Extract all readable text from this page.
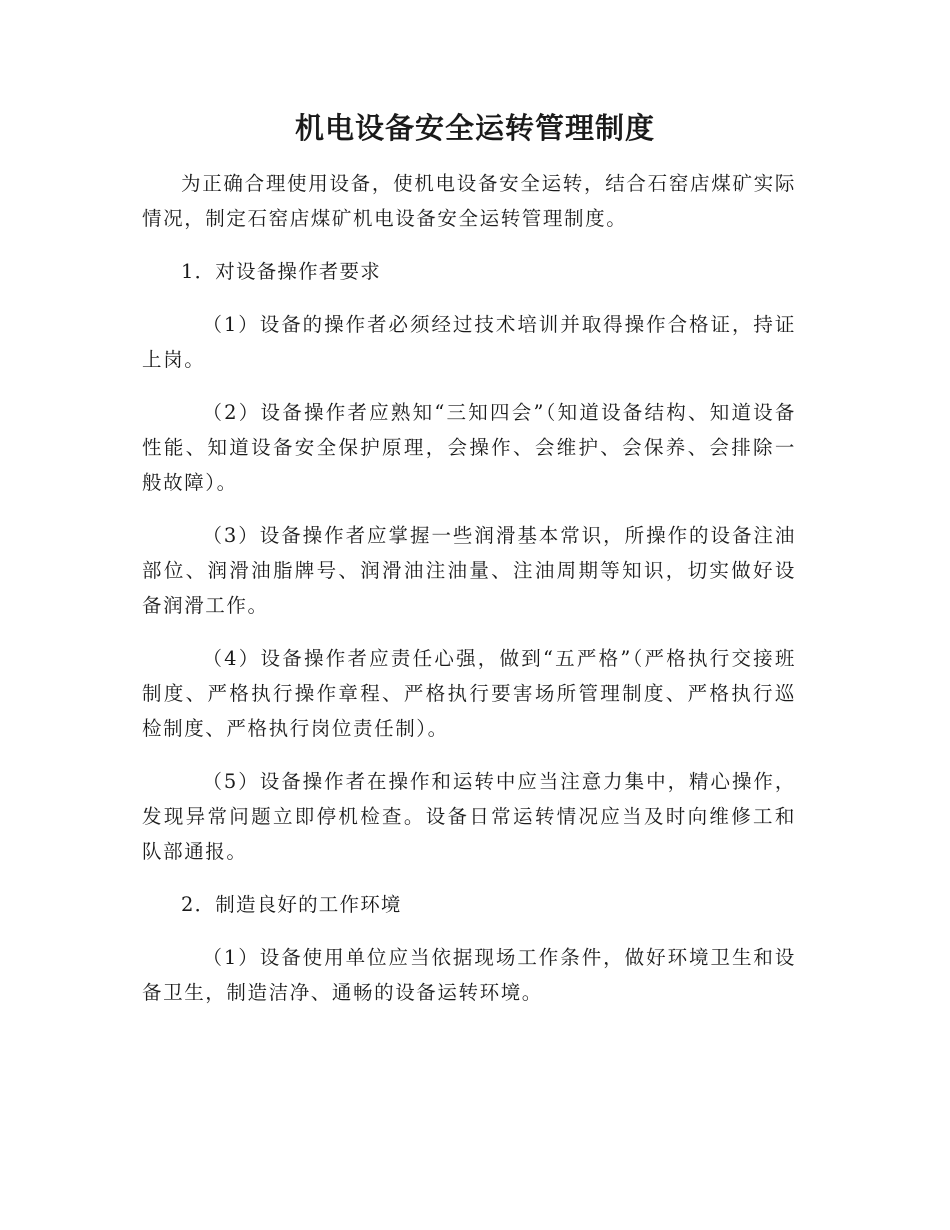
机电设备安全运转管理制度

为正确合理使用设备，使机电设备安全运转，结合石窑店煤矿实际情况，制定石窑店煤矿机电设备安全运转管理制度。

1．对设备操作者要求

（1）设备的操作者必须经过技术培训并取得操作合格证，持证上岗。

（2）设备操作者应熟知“三知四会”（知道设备结构、知道设备性能、知道设备安全保护原理，会操作、会维护、会保养、会排除一般故障）。

（3）设备操作者应掌握一些润滑基本常识，所操作的设备注油部位、润滑油脂牌号、润滑油注油量、注油周期等知识，切实做好设备润滑工作。

（4）设备操作者应责任心强，做到“五严格”（严格执行交接班制度、严格执行操作章程、严格执行要害场所管理制度、严格执行巡检制度、严格执行岗位责任制）。

（5）设备操作者在操作和运转中应当注意力集中，精心操作，发现异常问题立即停机检查。设备日常运转情况应当及时向维修工和队部通报。

2．制造良好的工作环境

（1）设备使用单位应当依据现场工作条件，做好环境卫生和设备卫生，制造洁净、通畅的设备运转环境。
